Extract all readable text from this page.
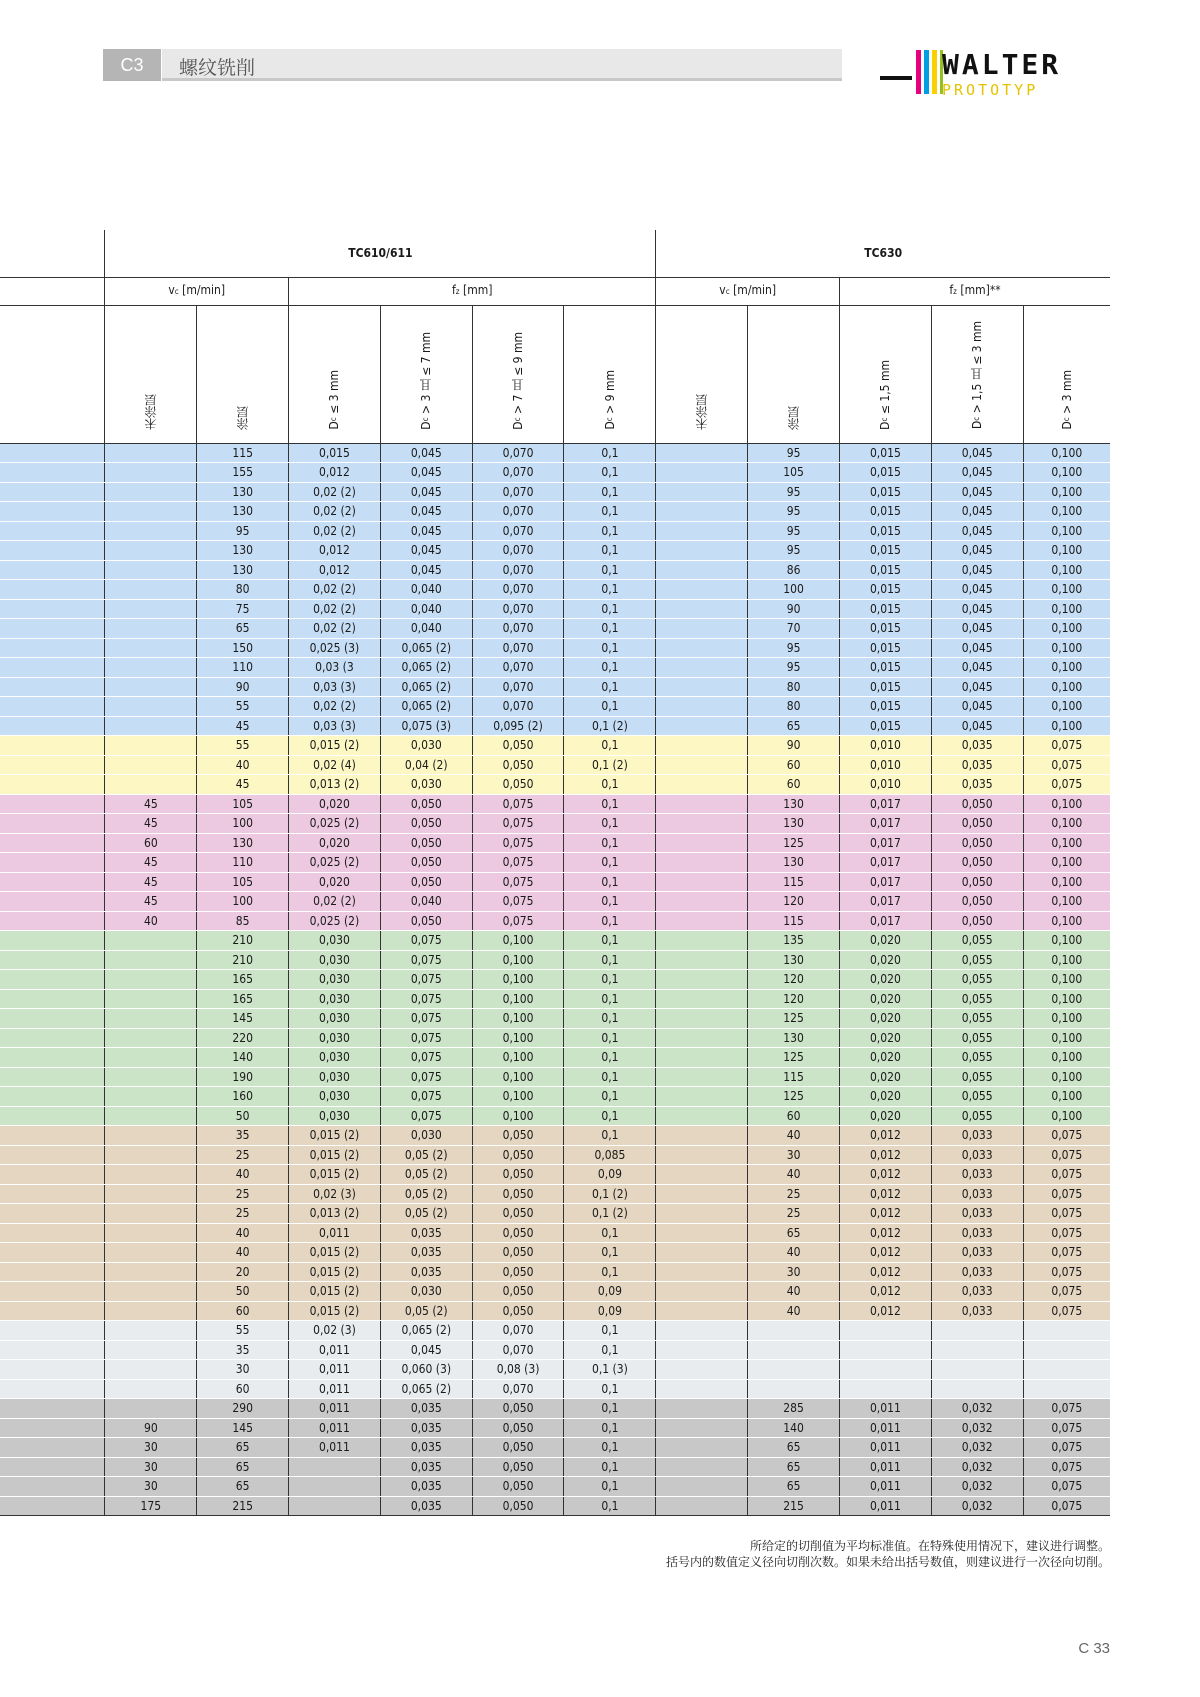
C3	螺纹铣削	WALTER
PROTOTYP
	TC610/611						TC630				
	vc [m/min]		fz [mm]				vc [m/min]		fz [mm]**		
	未涂层	涂层	Dc ≤ 3 mm	Dc > 3 且 ≤ 7 mm	Dc > 7 且 ≤ 9 mm	Dc > 9 mm	未涂层	涂层	Dc ≤ 1,5 mm	Dc > 1,5 且 ≤ 3 mm	Dc > 3 mm
		115	0,015	0,045	0,070	0,1		95	0,015	0,045	0,100
		155	0,012	0,045	0,070	0,1		105	0,015	0,045	0,100
		130	0,02 (2)	0,045	0,070	0,1		95	0,015	0,045	0,100
		130	0,02 (2)	0,045	0,070	0,1		95	0,015	0,045	0,100
		95	0,02 (2)	0,045	0,070	0,1		95	0,015	0,045	0,100
		130	0,012	0,045	0,070	0,1		95	0,015	0,045	0,100
		130	0,012	0,045	0,070	0,1		86	0,015	0,045	0,100
		80	0,02 (2)	0,040	0,070	0,1		100	0,015	0,045	0,100
		75	0,02 (2)	0,040	0,070	0,1		90	0,015	0,045	0,100
		65	0,02 (2)	0,040	0,070	0,1		70	0,015	0,045	0,100
		150	0,025 (3)	0,065 (2)	0,070	0,1		95	0,015	0,045	0,100
		110	0,03 (3	0,065 (2)	0,070	0,1		95	0,015	0,045	0,100
		90	0,03 (3)	0,065 (2)	0,070	0,1		80	0,015	0,045	0,100
		55	0,02 (2)	0,065 (2)	0,070	0,1		80	0,015	0,045	0,100
		45	0,03 (3)	0,075 (3)	0,095 (2)	0,1 (2)		65	0,015	0,045	0,100
		55	0,015 (2)	0,030	0,050	0,1		90	0,010	0,035	0,075
		40	0,02 (4)	0,04 (2)	0,050	0,1 (2)		60	0,010	0,035	0,075
		45	0,013 (2)	0,030	0,050	0,1		60	0,010	0,035	0,075
	45	105	0,020	0,050	0,075	0,1		130	0,017	0,050	0,100
	45	100	0,025 (2)	0,050	0,075	0,1		130	0,017	0,050	0,100
	60	130	0,020	0,050	0,075	0,1		125	0,017	0,050	0,100
	45	110	0,025 (2)	0,050	0,075	0,1		130	0,017	0,050	0,100
	45	105	0,020	0,050	0,075	0,1		115	0,017	0,050	0,100
	45	100	0,02 (2)	0,040	0,075	0,1		120	0,017	0,050	0,100
	40	85	0,025 (2)	0,050	0,075	0,1		115	0,017	0,050	0,100
		210	0,030	0,075	0,100	0,1		135	0,020	0,055	0,100
		210	0,030	0,075	0,100	0,1		130	0,020	0,055	0,100
		165	0,030	0,075	0,100	0,1		120	0,020	0,055	0,100
		165	0,030	0,075	0,100	0,1		120	0,020	0,055	0,100
		145	0,030	0,075	0,100	0,1		125	0,020	0,055	0,100
		220	0,030	0,075	0,100	0,1		130	0,020	0,055	0,100
		140	0,030	0,075	0,100	0,1		125	0,020	0,055	0,100
		190	0,030	0,075	0,100	0,1		115	0,020	0,055	0,100
		160	0,030	0,075	0,100	0,1		125	0,020	0,055	0,100
		50	0,030	0,075	0,100	0,1		60	0,020	0,055	0,100
		35	0,015 (2)	0,030	0,050	0,1		40	0,012	0,033	0,075
		25	0,015 (2)	0,05 (2)	0,050	0,085		30	0,012	0,033	0,075
		40	0,015 (2)	0,05 (2)	0,050	0,09		40	0,012	0,033	0,075
		25	0,02 (3)	0,05 (2)	0,050	0,1 (2)		25	0,012	0,033	0,075
		25	0,013 (2)	0,05 (2)	0,050	0,1 (2)		25	0,012	0,033	0,075
		40	0,011	0,035	0,050	0,1		65	0,012	0,033	0,075
		40	0,015 (2)	0,035	0,050	0,1		40	0,012	0,033	0,075
		20	0,015 (2)	0,035	0,050	0,1		30	0,012	0,033	0,075
		50	0,015 (2)	0,030	0,050	0,09		40	0,012	0,033	0,075
		60	0,015 (2)	0,05 (2)	0,050	0,09		40	0,012	0,033	0,075
		55	0,02 (3)	0,065 (2)	0,070	0,1					
		35	0,011	0,045	0,070	0,1					
		30	0,011	0,060 (3)	0,08 (3)	0,1 (3)					
		60	0,011	0,065 (2)	0,070	0,1					
		290	0,011	0,035	0,050	0,1		285	0,011	0,032	0,075
	90	145	0,011	0,035	0,050	0,1		140	0,011	0,032	0,075
	30	65	0,011	0,035	0,050	0,1		65	0,011	0,032	0,075
	30	65		0,035	0,050	0,1		65	0,011	0,032	0,075
	30	65		0,035	0,050	0,1		65	0,011	0,032	0,075
	175	215		0,035	0,050	0,1		215	0,011	0,032	0,075
所给定的切削值为平均标准值。在特殊使用情况下，建议进行调整。
括号内的数值定义径向切削次数。如果未给出括号数值，则建议进行一次径向切削。
C 33
